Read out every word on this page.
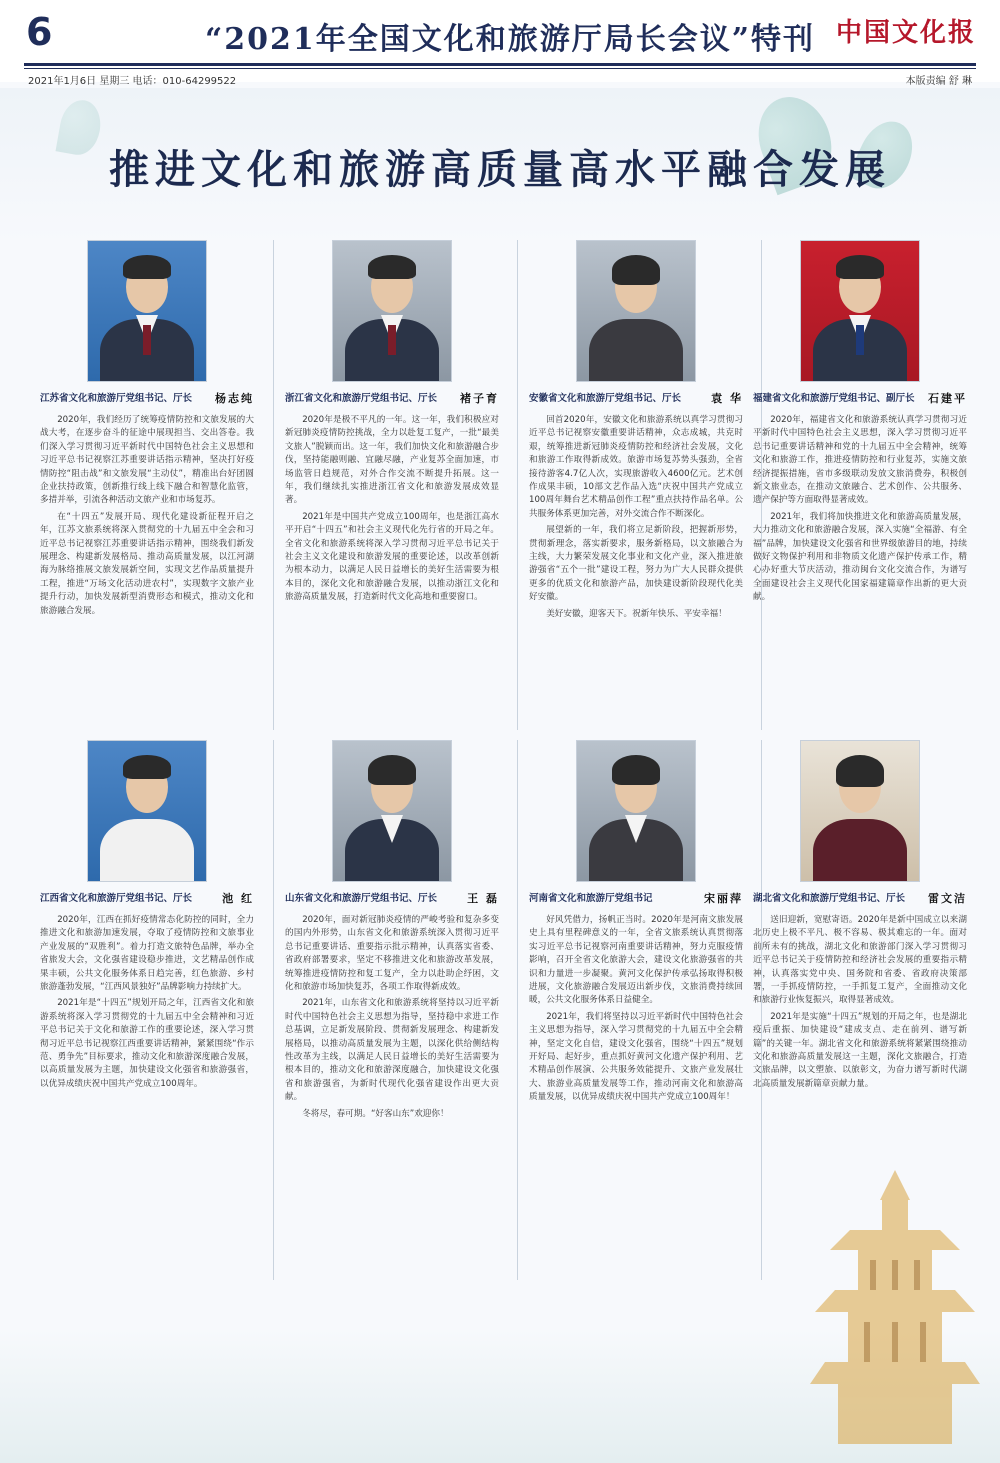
6	“2021年全国文化和旅游厅局长会议”特刊 中国文化报
2021年1月6日 星期三 电话：010-64299522	本版责编 舒 琳
推进文化和旅游高质量高水平融合发展
江苏省文化和旅游厅党组书记、厅长 杨志纯

2020年，我们经历了统筹疫情防控和文旅发展的大战大考，在逐步奋斗的征途中展现担当、交出答卷。我们深入学习贯彻习近平新时代中国特色社会主义思想和习近平总书记视察江苏重要讲话指示精神，坚决打好疫情防控“阻击战”和文旅发展“主动仗”，精准出台好团圆企业扶持政策，创新推行线上线下融合和智慧化监管，多措并举，引流各种活动文旅产业和市场复苏。

在“十四五”发展开局、现代化建设新征程开启之年，江苏文旅系统将深入贯彻党的十九届五中全会和习近平总书记视察江苏重要讲话指示精神，围绕我们新发展理念、构建新发展格局、推动高质量发展，以江河湖海为脉络推展文旅发展新空间，实现文艺作品质量提升工程，推进“万场文化活动进农村”，实现数字文旅产业提升行动，加快发展新型消费形态和模式，推动文化和旅游融合发展。

浙江省文化和旅游厅党组书记、厅长 褚子育

2020年是极不平凡的一年。这一年，我们积极应对新冠肺炎疫情防控挑战，全力以赴复工复产，一批“最美文旅人”脱颖而出。这一年，我们加快文化和旅游融合步伐，坚持能融则融、宜融尽融，产业复苏全面加速，市场监管日趋规范，对外合作交流不断提升拓展。这一年，我们继续扎实推进浙江省文化和旅游发展成效显著。

2021年是中国共产党成立100周年，也是浙江高水平开启“十四五”和社会主义现代化先行省的开局之年。全省文化和旅游系统将深入学习贯彻习近平总书记关于社会主义文化建设和旅游发展的重要论述，以改革创新为根本动力，以满足人民日益增长的美好生活需要为根本目的，深化文化和旅游融合发展，以推动浙江文化和旅游高质量发展，打造新时代文化高地和重要窗口。

安徽省文化和旅游厅党组书记、厅长	袁 华

回首2020年，安徽文化和旅游系统以真学习贯彻习近平总书记视察安徽重要讲话精神，众志成城，共克时艰，统筹推进新冠肺炎疫情防控和经济社会发展，文化和旅游工作取得新成效。旅游市场复苏势头强劲，全省接待游客4.7亿人次，实现旅游收入4600亿元。艺术创作成果丰硕，10部文艺作品入选“庆祝中国共产党成立100周年舞台艺术精品创作工程”重点扶持作品名单。公共服务体系更加完善，对外交流合作不断深化。

展望新的一年，我们将立足新阶段，把握新形势，贯彻新理念，落实新要求，服务新格局，以文旅融合为主线，大力繁荣发展文化事业和文化产业，深入推进旅游强省“五个一批”建设工程，努力为广大人民群众提供更多的优质文化和旅游产品，加快建设新阶段现代化美好安徽。

美好安徽，迎客天下。祝新年快乐、平安幸福！

福建省文化和旅游厅党组书记、副厅长 石建平

2020年，福建省文化和旅游系统认真学习贯彻习近平新时代中国特色社会主义思想，深入学习贯彻习近平总书记重要讲话精神和党的十九届五中全会精神，统筹文化和旅游工作，推进疫情防控和行业复苏，实施文旅经济提振措施，省市多级联动发放文旅消费券，积极创新文旅业态，在推动文旅融合、艺术创作、公共服务、遗产保护等方面取得显著成效。

2021年，我们将加快推进文化和旅游高质量发展，大力推动文化和旅游融合发展，深入实施“全福游、有全福”品牌，加快建设文化强省和世界级旅游目的地，持续做好文物保护利用和非物质文化遗产保护传承工作，精心办好重大节庆活动，推动闽台文化交流合作，为谱写全面建设社会主义现代化国家福建篇章作出新的更大贡献。

江西省文化和旅游厅党组书记、厅长	池 红

2020年，江西在抓好疫情常态化防控的同时，全力推进文化和旅游加速发展，夺取了疫情防控和文旅事业产业发展的“双胜利”。着力打造文旅特色品牌，举办全省旅发大会，文化强省建设稳步推进，文艺精品创作成果丰硕，公共文化服务体系日趋完善，红色旅游、乡村旅游蓬勃发展，“江西风景独好”品牌影响力持续扩大。

2021年是“十四五”规划开局之年，江西省文化和旅游系统将深入学习贯彻党的十九届五中全会精神和习近平总书记关于文化和旅游工作的重要论述，深入学习贯彻习近平总书记视察江西重要讲话精神，紧紧围绕“作示范、勇争先”目标要求，推动文化和旅游深度融合发展，以高质量发展为主题，加快建设文化强省和旅游强省，以优异成绩庆祝中国共产党成立100周年。

山东省文化和旅游厅党组书记、厅长	王 磊

2020年，面对新冠肺炎疫情的严峻考验和复杂多变的国内外形势，山东省文化和旅游系统深入贯彻习近平总书记重要讲话、重要指示批示精神，认真落实省委、省政府部署要求，坚定不移推进文化和旅游改革发展，统筹推进疫情防控和复工复产，全力以赴助企纾困，文化和旅游市场加快复苏，各项工作取得新成效。

2021年，山东省文化和旅游系统将坚持以习近平新时代中国特色社会主义思想为指导，坚持稳中求进工作总基调，立足新发展阶段、贯彻新发展理念、构建新发展格局，以推动高质量发展为主题，以深化供给侧结构性改革为主线，以满足人民日益增长的美好生活需要为根本目的，推动文化和旅游深度融合，加快建设文化强省和旅游强省，为新时代现代化强省建设作出更大贡献。

冬将尽，春可期。“好客山东”欢迎你！

河南省文化和旅游厅党组书记	宋丽萍

好风凭借力，扬帆正当时。2020年是河南文旅发展史上具有里程碑意义的一年，全省文旅系统认真贯彻落实习近平总书记视察河南重要讲话精神，努力克服疫情影响，召开全省文化旅游大会，建设文化旅游强省的共识和力量进一步凝聚。黄河文化保护传承弘扬取得积极进展，文化旅游融合发展迈出新步伐，文旅消费持续回暖，公共文化服务体系日益健全。

2021年，我们将坚持以习近平新时代中国特色社会主义思想为指导，深入学习贯彻党的十九届五中全会精神，坚定文化自信，建设文化强省，围绕“十四五”规划开好局、起好步，重点抓好黄河文化遗产保护利用、艺术精品创作展演、公共服务效能提升、文旅产业发展壮大、旅游业高质量发展等工作，推动河南文化和旅游高质量发展，以优异成绩庆祝中国共产党成立100周年！

湖北省文化和旅游厅党组书记、厅长 雷文洁

送旧迎新，宽慰寄语。2020年是新中国成立以来湖北历史上极不平凡、极不容易、极其难忘的一年。面对前所未有的挑战，湖北文化和旅游部门深入学习贯彻习近平总书记关于疫情防控和经济社会发展的重要指示精神，认真落实党中央、国务院和省委、省政府决策部署，一手抓疫情防控，一手抓复工复产，全面推动文化和旅游行业恢复振兴，取得显著成效。

2021年是实施“十四五”规划的开局之年，也是湖北疫后重振、加快建设“建成支点、走在前列、谱写新篇”的关键一年。湖北省文化和旅游系统将紧紧围绕推动文化和旅游高质量发展这一主题，深化文旅融合，打造文旅品牌，以文塑旅、以旅彰文，为奋力谱写新时代湖北高质量发展新篇章贡献力量。
